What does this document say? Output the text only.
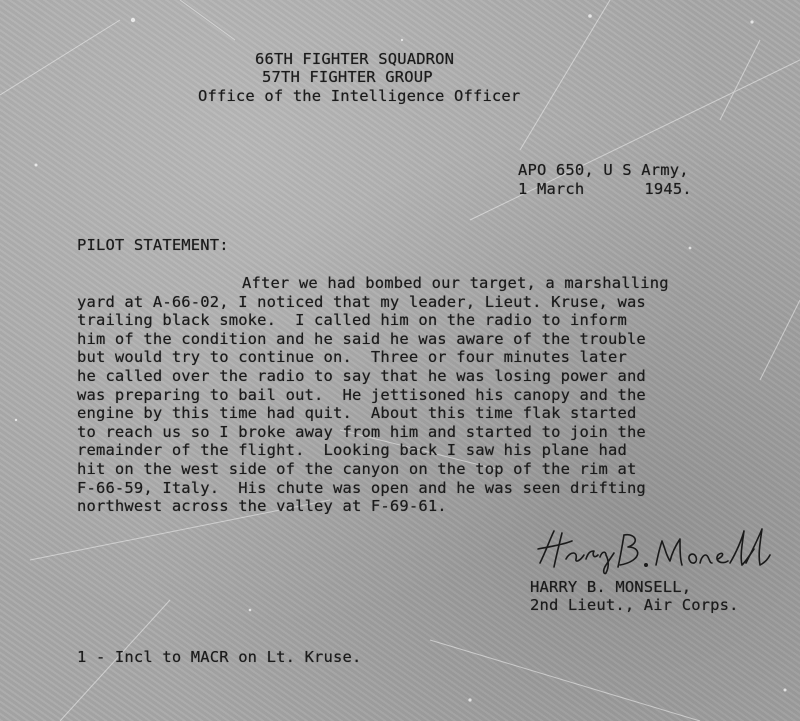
66TH FIGHTER SQUADRON
57TH FIGHTER GROUP
Office of the Intelligence Officer
APO 650, U S Army,
1 March	1945.
PILOT STATEMENT:
After we had bombed our target, a marshalling
yard at A-66-02, I noticed that my leader, Lieut. Kruse, was
trailing black smoke.  I called him on the radio to inform
him of the condition and he said he was aware of the trouble
but would try to continue on.  Three or four minutes later
he called over the radio to say that he was losing power and
was preparing to bail out.  He jettisoned his canopy and the
engine by this time had quit.  About this time flak started
to reach us so I broke away from him and started to join the
remainder of the flight.  Looking back I saw his plane had
hit on the west side of the canyon on the top of the rim at
F-66-59, Italy.  His chute was open and he was seen drifting
northwest across the valley at F-69-61.
HARRY B. MONSELL,
2nd Lieut., Air Corps.
1 - Incl to MACR on Lt. Kruse.
